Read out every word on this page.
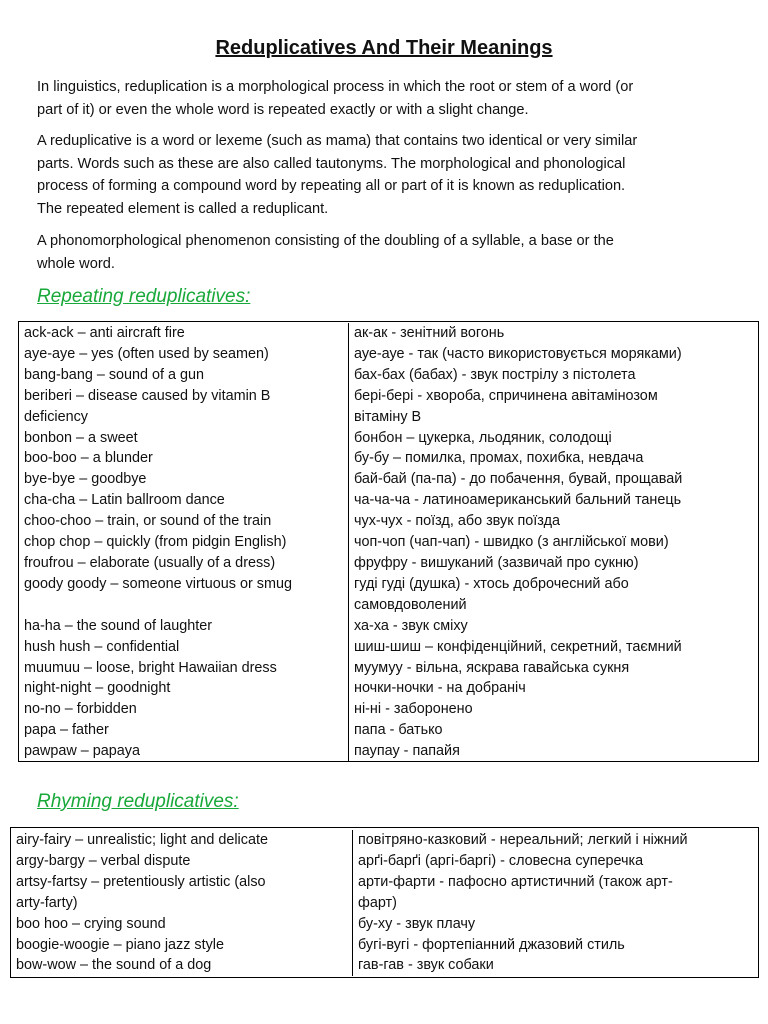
Reduplicatives And Their Meanings

In linguistics, reduplication is a morphological process in which the root or stem of a word (or
part of it) or even the whole word is repeated exactly or with a slight change.

A reduplicative is a word or lexeme (such as mama) that contains two identical or very similar
parts. Words such as these are also called tautonyms. The morphological and phonological
process of forming a compound word by repeating all or part of it is known as reduplication.
The repeated element is called a reduplicant.

A phonomorphological phenomenon consisting of the doubling of a syllable, a base or the
whole word.

Repeating reduplicatives:
ack-ack – anti aircraft fire	ак-ак - зенітний вогонь
aye-aye – yes (often used by seamen)	ауе-ауе - так (часто використовується моряками)
bang-bang – sound of a gun	бах-бах (бабах) - звук пострілу з пістолета
beriberi – disease caused by vitamin B	бері-бері - хвороба, спричинена авітамінозом
deficiency	вітаміну В
bonbon – a sweet	бонбон – цукерка, льодяник, солодощі
boo-boo – a blunder	бу-бу – помилка, промах, похибка, невдача
bye-bye – goodbye	бай-бай (па-па) - до побачення, бувай, прощавай
cha-cha – Latin ballroom dance	ча-ча-ча - латиноамериканський бальний танець
choo-choo – train, or sound of the train	чух-чух - поїзд, або звук поїзда
chop chop – quickly (from pidgin English)	чоп-чоп (чап-чап) - швидко (з англійської мови)
froufrou – elaborate (usually of a dress)	фруфру - вишуканий (зазвичай про сукню)
goody goody – someone virtuous or smug	гуді гуді (душка) - хтось доброчесний або
	самовдоволений
ha-ha – the sound of laughter	ха-ха - звук сміху
hush hush – confidential	шиш-шиш – конфіденційний, секретний, таємний
muumuu – loose, bright Hawaiian dress	муумуу - вільна, яскрава гавайська сукня
night-night – goodnight	ночки-ночки - на добраніч
no-no – forbidden	ні-ні - заборонено
papa – father	папа - батько
pawpaw – papaya	паупау - папайя
Rhyming reduplicatives:
airy-fairy – unrealistic; light and delicate	повітряно-казковий - нереальний; легкий і ніжний
argy-bargy – verbal dispute	арґі-барґі (аргі-баргі) - словесна суперечка
artsy-fartsy – pretentiously artistic (also	арти-фарти - пафосно артистичний (також арт-
arty-farty)	фарт)
boo hoo – crying sound	бу-ху - звук плачу
boogie-woogie – piano jazz style	бугі-вугі - фортепіанний джазовий стиль
bow-wow – the sound of a dog	гав-гав - звук собаки
